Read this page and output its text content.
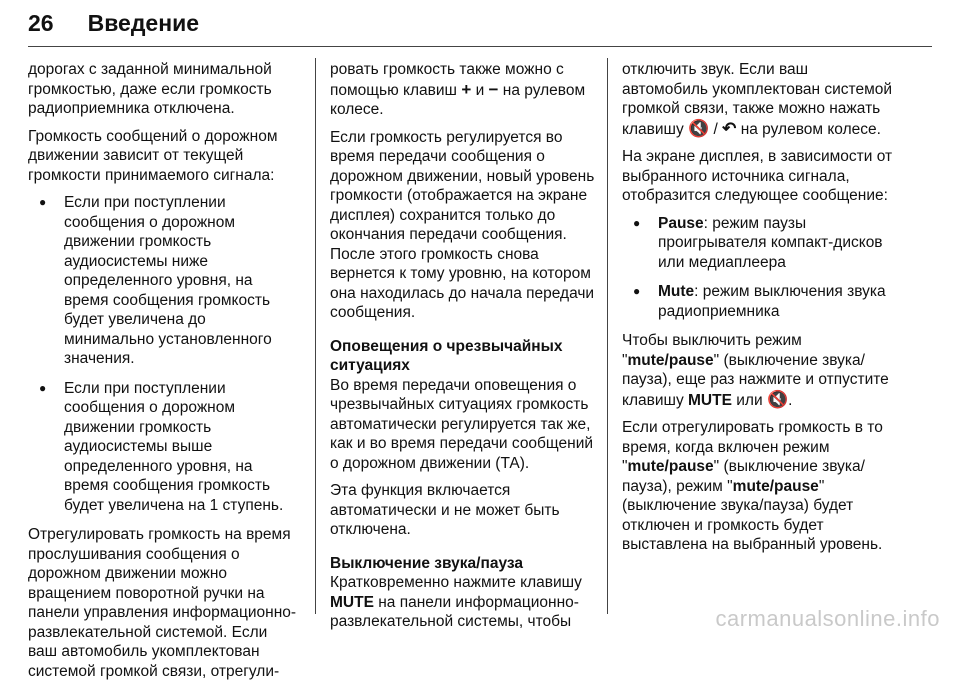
26 Введение

дорогах с заданной минимальной громкостью, даже если громкость радиоприемника отключена.

Громкость сообщений о дорожном движении зависит от текущей громкости принимаемого сигнала:

● Если при поступлении сообщения о дорожном движении громкость аудиосистемы ниже определенного уровня, на время сообщения громкость будет увеличена до минимально установленного значения.
● Если при поступлении сообщения о дорожном движении громкость аудиосистемы выше определенного уровня, на время сообщения громкость будет увеличена на 1 ступень.

Отрегулировать громкость на время прослушивания сообщения о дорожном движении можно вращением поворотной ручки на панели управления информационно-развлекательной системой. Если ваш автомобиль укомплектован системой громкой связи, отрегули-

ровать громкость также можно с помощью клавиш + и − на рулевом колесе.

Если громкость регулируется во время передачи сообщения о дорожном движении, новый уровень громкости (отображается на экране дисплея) сохранится только до окончания передачи сообщения. После этого громкость снова вернется к тому уровню, на котором она находилась до начала передачи сообщения.

Оповещения о чрезвычайных ситуациях

Во время передачи оповещения о чрезвычайных ситуациях громкость автоматически регулируется так же, как и во время передачи сообщений о дорожном движении (ТА).

Эта функция включается автоматически и не может быть отключена.

Выключение звука/пауза

Кратковременно нажмите клавишу MUTE на панели информационно-развлекательной системы, чтобы

отключить звук. Если ваш автомобиль укомплектован системой громкой связи, также можно нажать клавишу 🔇 / ↶ на рулевом колесе.

На экране дисплея, в зависимости от выбранного источника сигнала, отобразится следующее сообщение:

● Pause: режим паузы проигрывателя компакт-дисков или медиаплеера
● Mute: режим выключения звука радиоприемника

Чтобы выключить режим "mute/pause" (выключение звука/пауза), еще раз нажмите и отпустите клавишу MUTE или 🔇.

Если отрегулировать громкость в то время, когда включен режим "mute/pause" (выключение звука/пауза), режим "mute/pause" (выключение звука/пауза) будет отключен и громкость будет выставлена на выбранный уровень.

carmanualsonline.info
